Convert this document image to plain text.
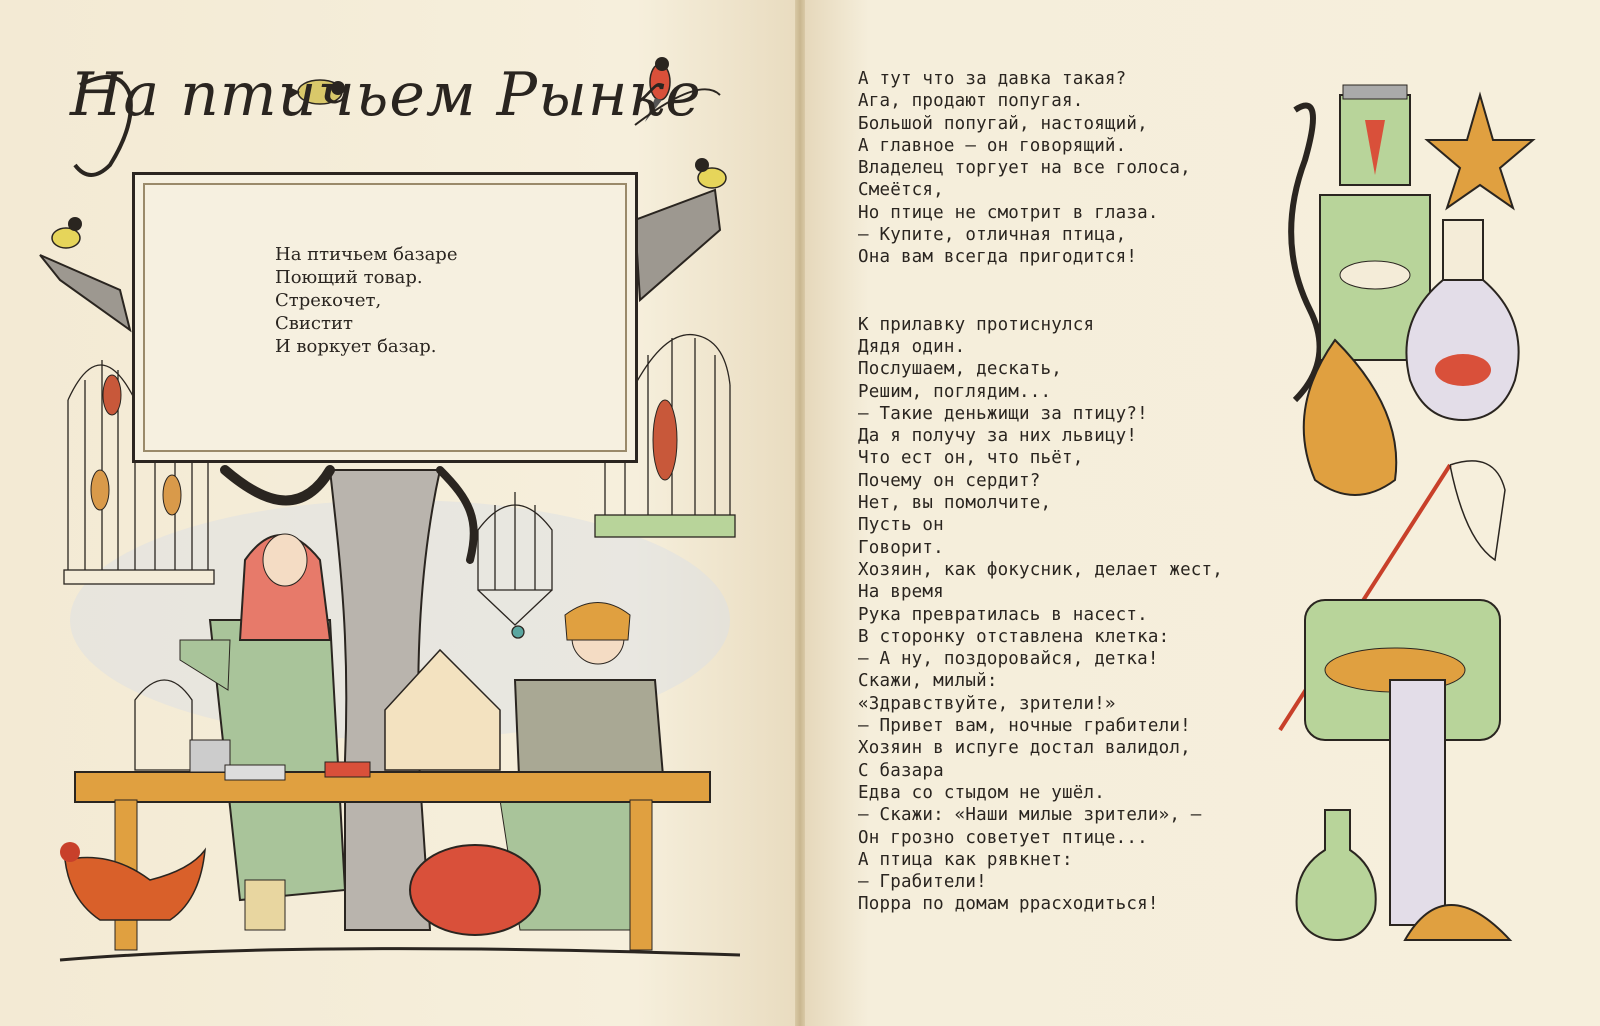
На птичьем Рынке
На птичьем базаре
Поющий товар.
Стрекочет,
Свистит
И воркует базар.
А тут что за давка такая?
Ага, продают попугая.
Большой попугай, настоящий,
А главное — он говорящий.
Владелец торгует на все голоса,
Смеётся,
Но птице не смотрит в глаза.
— Купите, отличная птица,
Она вам всегда пригодится!
К прилавку протиснулся
Дядя один.
Послушаем, дескать,
Решим, поглядим...
— Такие деньжищи за птицу?!
Да я получу за них львицу!
Что ест он, что пьёт,
Почему он сердит?
Нет, вы помолчите,
Пусть он
Говорит.
Хозяин, как фокусник, делает жест,
На время
Рука превратилась в насест.
В сторонку отставлена клетка:
— А ну, поздоровайся, детка!
Скажи, милый:
«Здравствуйте, зрители!»
— Привет вам, ночные грабители!
Хозяин в испуге достал валидол,
С базара
Едва со стыдом не ушёл.
— Скажи: «Наши милые зрители», —
Он грозно советует птице...
А птица как рявкнет:
— Грабители!
Порра по домам ррасходиться!
